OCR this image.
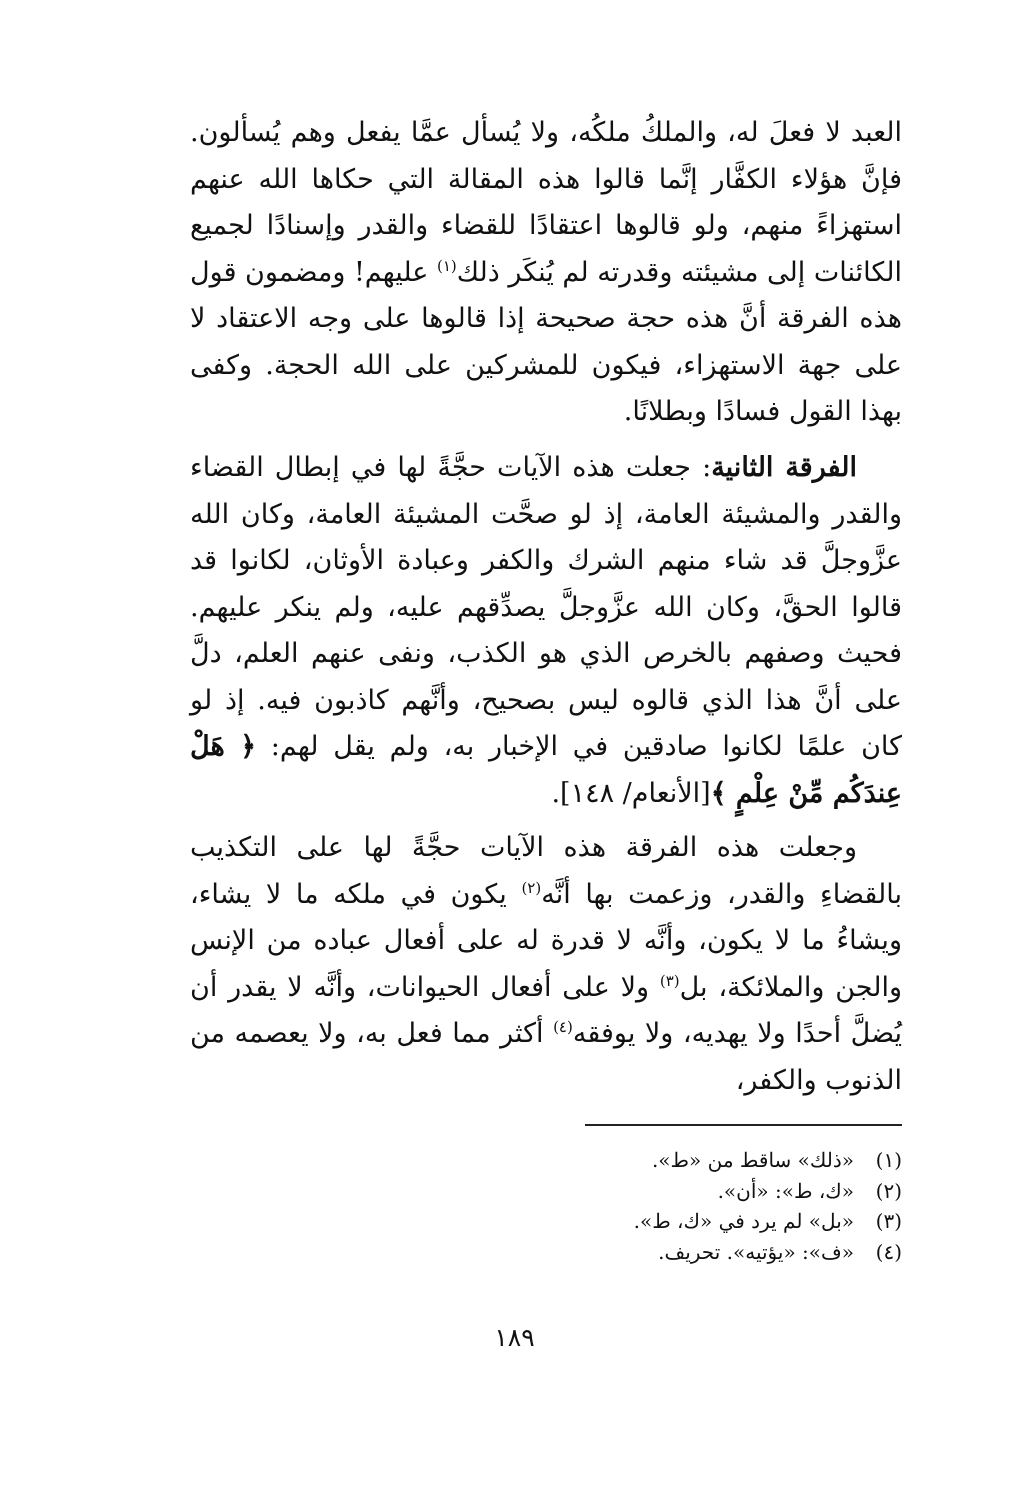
العبد لا فعلَ له، والملكُ ملكُه، ولا يُسأل عمَّا يفعل وهم يُسألون. فإنَّ هؤلاء الكفَّار إنَّما قالوا هذه المقالة التي حكاها الله عنهم استهزاءً منهم، ولو قالوها اعتقادًا للقضاء والقدر وإسنادًا لجميع الكائنات إلى مشيئته وقدرته لم يُنكَر ذلك$^{(١)}$ عليهم! ومضمون قول هذه الفرقة أنَّ هذه حجة صحيحة إذا قالوها على وجه الاعتقاد لا على جهة الاستهزاء، فيكون للمشركين على الله الحجة. وكفى بهذا القول فسادًا وبطلانًا.

الفرقة الثانية: جعلت هذه الآيات حجَّةً لها في إبطال القضاء والقدر والمشيئة العامة، إذ لو صحَّت المشيئة العامة، وكان الله عزَّوجلَّ قد شاء منهم الشرك والكفر وعبادة الأوثان، لكانوا قد قالوا الحقَّ، وكان الله عزَّوجلَّ يصدِّقهم عليه، ولم ينكر عليهم. فحيث وصفهم بالخرص الذي هو الكذب، ونفى عنهم العلم، دلَّ على أنَّ هذا الذي قالوه ليس بصحيح، وأنَّهم كاذبون فيه. إذ لو كان علمًا لكانوا صادقين في الإخبار به، ولم يقل لهم: ﴿ هَلْ عِندَكُم مِّنْ عِلْمٍ ﴾[الأنعام/ ١٤٨].

وجعلت هذه الفرقة هذه الآيات حجَّةً لها على التكذيب بالقضاءِ والقدر، وزعمت بها أنَّه$^{(٢)}$ يكون في ملكه ما لا يشاء، ويشاءُ ما لا يكون، وأنَّه لا قدرة له على أفعال عباده من الإنس والجن والملائكة، بل$^{(٣)}$ ولا على أفعال الحيوانات، وأنَّه لا يقدر أن يُضلَّ أحدًا ولا يهديه، ولا يوفقه$^{(٤)}$ أكثر مما فعل به، ولا يعصمه من الذنوب والكفر،

(١)
«ذلك» ساقط من «ط».
(٢)
«ك، ط»: «أن».
(٣)
«بل» لم يرد في «ك، ط».
(٤)
«ف»: «يؤتيه». تحريف.
١٨٩
